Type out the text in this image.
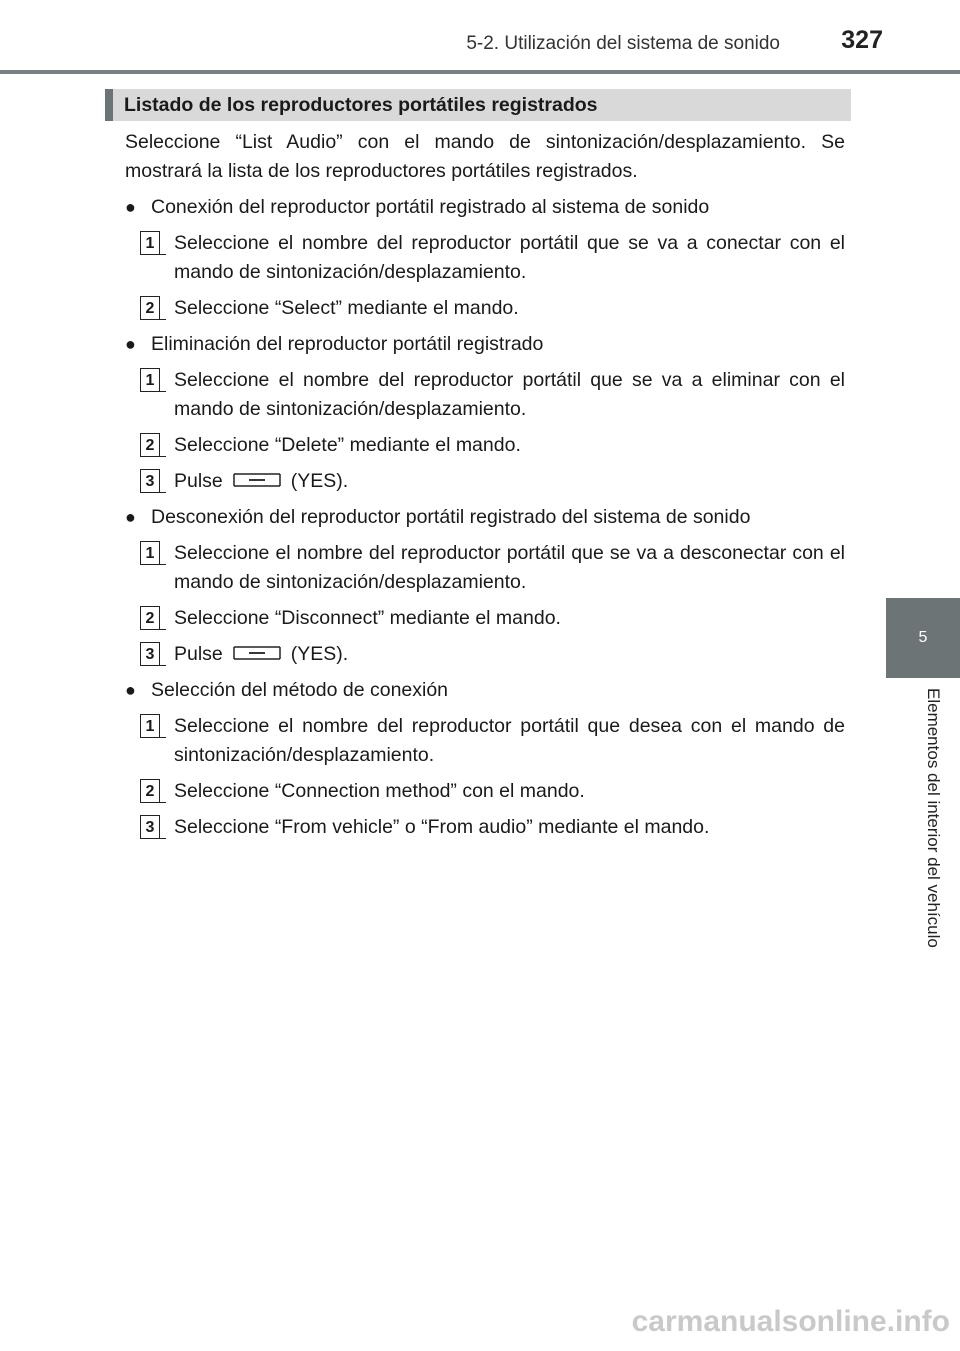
5-2. Utilización del sistema de sonido 327
5
Elementos del interior del vehículo
Listado de los reproductores portátiles registrados

Seleccione “List Audio” con el mando de sintonización/desplazamiento. Se mostrará la lista de los reproductores portátiles registrados.

● Conexión del reproductor portátil registrado al sistema de sonido
1 Seleccione el nombre del reproductor portátil que se va a conectar con el mando de sintonización/desplazamiento.
2 Seleccione “Select” mediante el mando.
● Eliminación del reproductor portátil registrado
1 Seleccione el nombre del reproductor portátil que se va a eliminar con el mando de sintonización/desplazamiento.
2 Seleccione “Delete” mediante el mando.
3 Pulse	(YES).
● Desconexión del reproductor portátil registrado del sistema de sonido
1 Seleccione el nombre del reproductor portátil que se va a desconectar con el mando de sintonización/desplazamiento.
2 Seleccione “Disconnect” mediante el mando.
3 Pulse	(YES).
● Selección del método de conexión
1 Seleccione el nombre del reproductor portátil que desea con el mando de sintonización/desplazamiento.
2 Seleccione “Connection method” con el mando.
3 Seleccione “From vehicle” o “From audio” mediante el mando.
carmanualsonline.info
